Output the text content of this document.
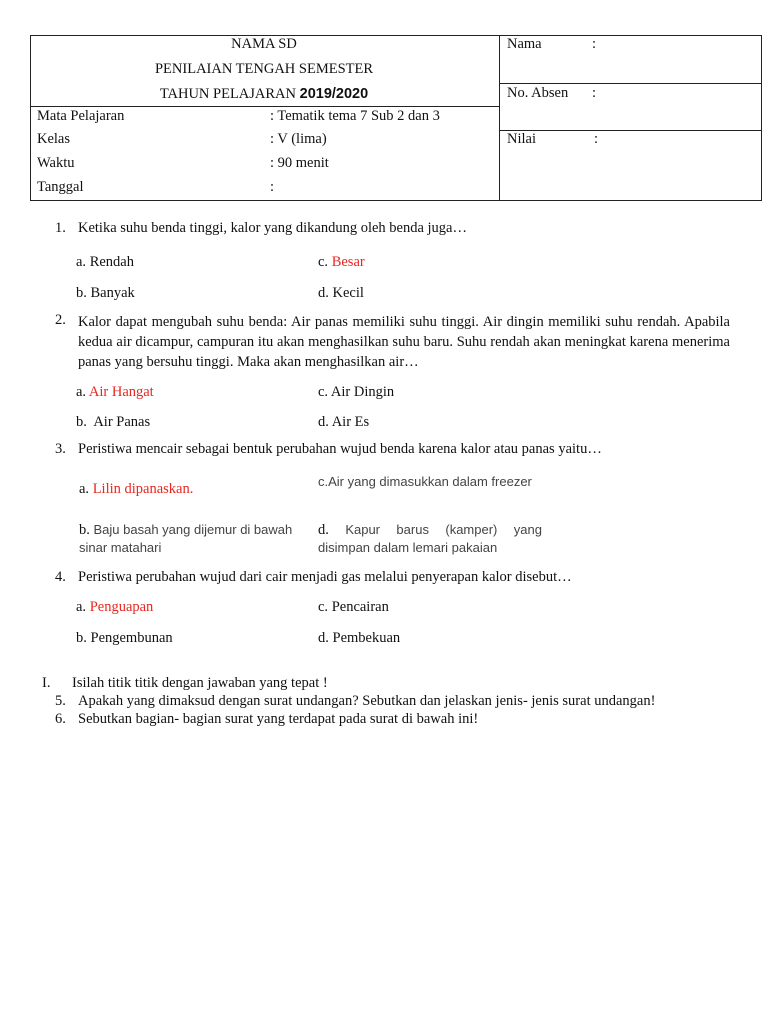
NAMA SD
PENILAIAN TENGAH SEMESTER
TAHUN PELAJARAN 2019/2020
Mata Pelajaran	: Tematik tema 7 Sub 2 dan 3
Kelas	: V (lima)
Waktu	: 90 menit
Tanggal	:
Nama	:
No. Absen :
Nilai	:
1. Ketika suhu benda tinggi, kalor yang dikandung oleh benda juga…
a. Rendah	c. Besar
b. Banyak	d. Kecil
2. Kalor dapat mengubah suhu benda: Air panas memiliki suhu tinggi. Air dingin memiliki suhu rendah. Apabila kedua air dicampur, campuran itu akan menghasilkan suhu baru. Suhu rendah akan meningkat karena menerima panas yang bersuhu tinggi. Maka akan menghasilkan air…
a. Air Hangat	c. Air Dingin
b. Air Panas	d. Air Es
3. Peristiwa mencair sebagai bentuk perubahan wujud benda karena kalor atau panas yaitu…
a. Lilin dipanaskan.	c.Air yang dimasukkan dalam freezer
b. Baju basah yang dijemur di bawah sinar matahari
d. Kapur barus (kamper) yang disimpan dalam lemari pakaian
4. Peristiwa perubahan wujud dari cair menjadi gas melalui penyerapan kalor disebut…
a. Penguapan	c. Pencairan
b. Pengembunan	d. Pembekuan
I. Isilah titik titik dengan jawaban yang tepat !
5. Apakah yang dimaksud dengan surat undangan? Sebutkan dan jelaskan jenis- jenis surat undangan!
6. Sebutkan bagian- bagian surat yang terdapat pada surat di bawah ini!
